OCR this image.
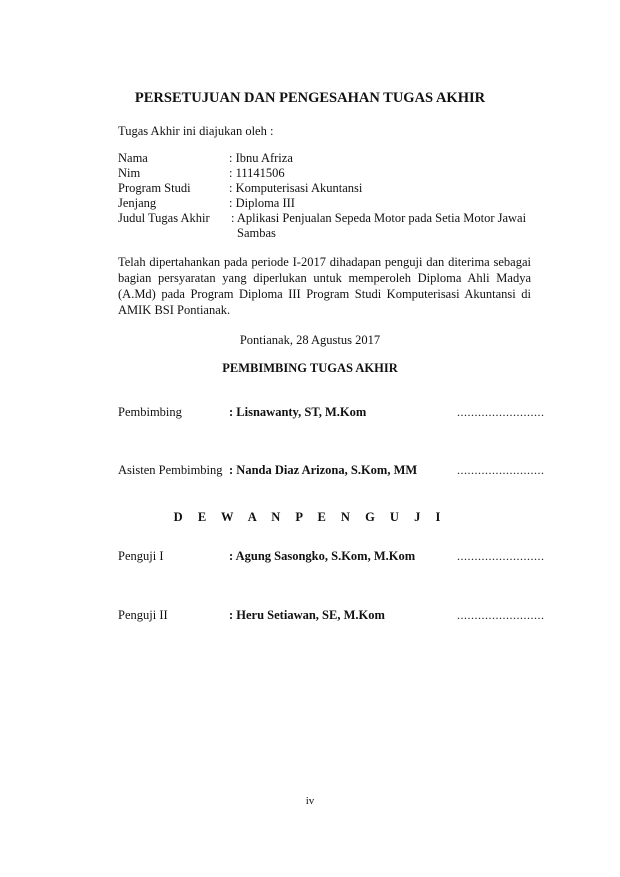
PERSETUJUAN DAN PENGESAHAN TUGAS AKHIR
Tugas Akhir ini diajukan oleh :
Nama	: Ibnu Afriza
Nim	: 11141506
Program Studi	: Komputerisasi Akuntansi
Jenjang	: Diploma III
Judul Tugas Akhir : Aplikasi Penjualan Sepeda Motor pada Setia Motor Jawai
Sambas
Telah dipertahankan pada periode I-2017 dihadapan penguji dan diterima sebagai bagian persyaratan yang diperlukan untuk memperoleh Diploma Ahli Madya (A.Md) pada Program Diploma III Program Studi Komputerisasi Akuntansi di AMIK BSI Pontianak.
Pontianak, 28 Agustus 2017
PEMBIMBING TUGAS AKHIR
Pembimbing	: Lisnawanty, ST, M.Kom	.........................
Asisten Pembimbing : Nanda Diaz Arizona, S.Kom, MM	.........................
D E W A N P E N G U J I
Penguji I	: Agung Sasongko, S.Kom, M.Kom	.........................
Penguji II	: Heru Setiawan, SE, M.Kom	.........................
iv
